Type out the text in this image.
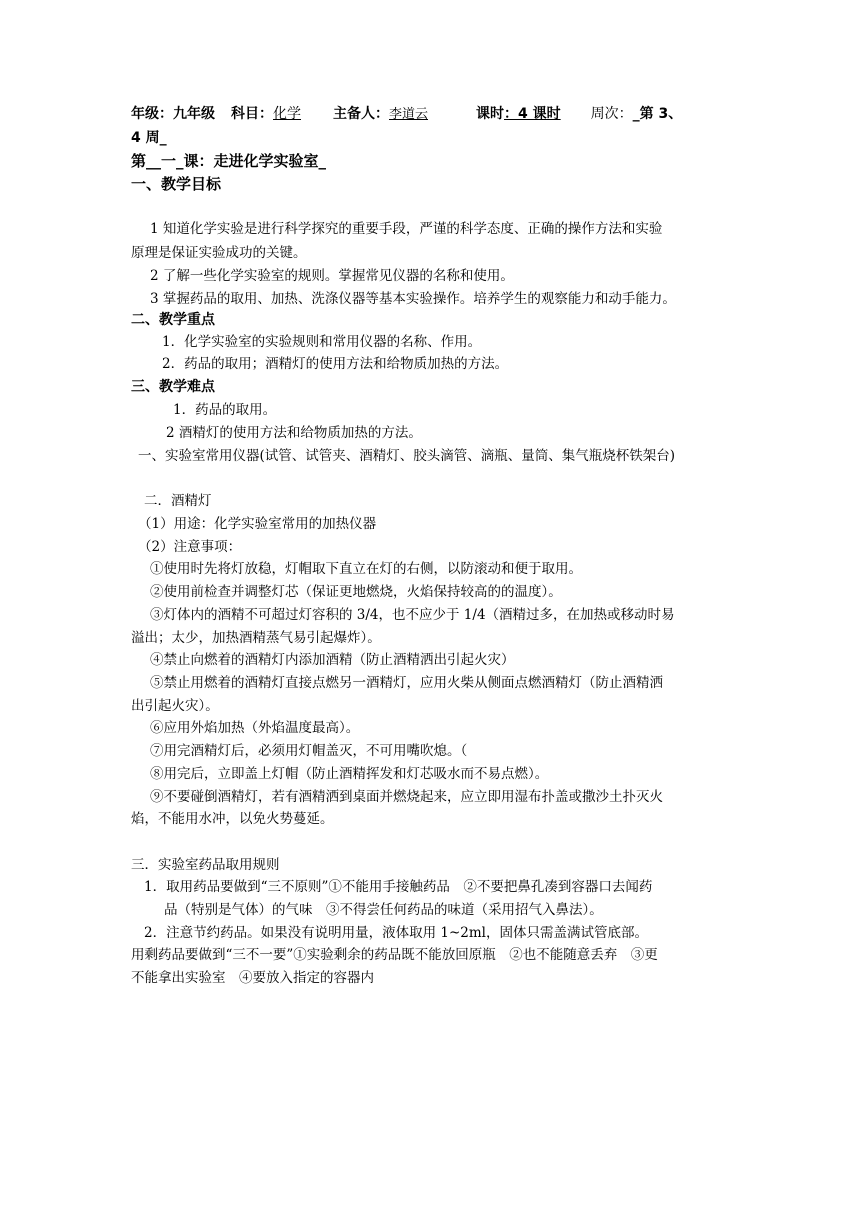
年级：九年级 科目：化学 主备人：李道云	课时：4 课时 周次：_第 3、
4 周_
第__一_课：走进化学实验室_
一、教学目标
1 知道化学实验是进行科学探究的重要手段，严谨的科学态度、正确的操作方法和实验
原理是保证实验成功的关键。
2 了解一些化学实验室的规则。掌握常见仪器的名称和使用。
3 掌握药品的取用、加热、洗涤仪器等基本实验操作。培养学生的观察能力和动手能力。
二、教学重点
1．化学实验室的实验规则和常用仪器的名称、作用。
2．药品的取用；酒精灯的使用方法和给物质加热的方法。
三、教学难点
1．药品的取用。
2 酒精灯的使用方法和给物质加热的方法。
一、实验室常用仪器(试管、试管夹、酒精灯、胶头滴管、滴瓶、量筒、集气瓶烧杯铁架台)
二．酒精灯
（1）用途：化学实验室常用的加热仪器
（2）注意事项：
①使用时先将灯放稳，灯帽取下直立在灯的右侧，以防滚动和便于取用。
②使用前检查并调整灯芯（保证更地燃烧，火焰保持较高的的温度）。
③灯体内的酒精不可超过灯容积的 3/4，也不应少于 1/4（酒精过多，在加热或移动时易
溢出；太少，加热酒精蒸气易引起爆炸）。
④禁止向燃着的酒精灯内添加酒精（防止酒精洒出引起火灾）
⑤禁止用燃着的酒精灯直接点燃另一酒精灯，应用火柴从侧面点燃酒精灯（防止酒精洒
出引起火灾）。
⑥应用外焰加热（外焰温度最高）。
⑦用完酒精灯后，必须用灯帽盖灭，不可用嘴吹熄。（
⑧用完后，立即盖上灯帽（防止酒精挥发和灯芯吸水而不易点燃）。
⑨不要碰倒酒精灯，若有酒精洒到桌面并燃烧起来，应立即用湿布扑盖或撒沙土扑灭火
焰，不能用水冲，以免火势蔓延。
三．实验室药品取用规则
1．取用药品要做到“三不原则”①不能用手接触药品　②不要把鼻孔凑到容器口去闻药
品（特别是气体）的气味　③不得尝任何药品的味道（采用招气入鼻法）。
2．注意节约药品。如果没有说明用量，液体取用 1~2ml，固体只需盖满试管底部。
用剩药品要做到“三不一要”①实验剩余的药品既不能放回原瓶　②也不能随意丢弃　③更
不能拿出实验室　④要放入指定的容器内
